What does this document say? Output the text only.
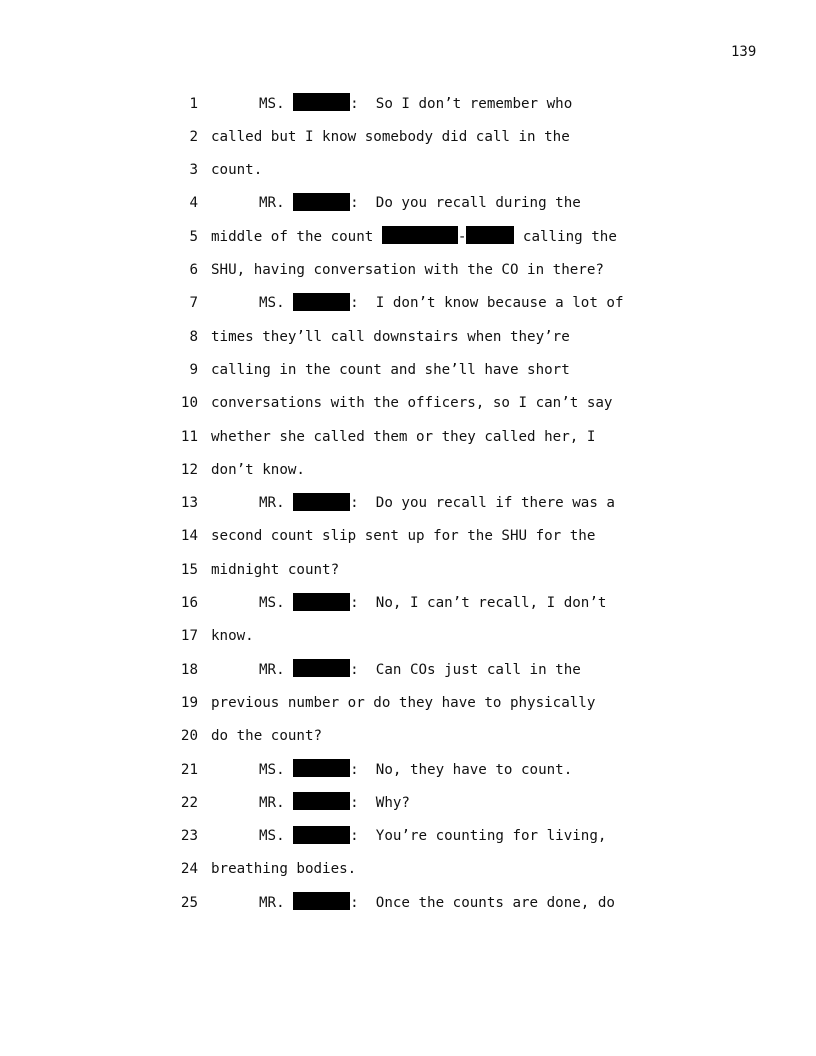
139
1	MS.	:  So I don’t remember who
2 called but I know somebody did call in the
3 count.
4	MR.	:  Do you recall during the
5 middle of the count	-	calling the
6 SHU, having conversation with the CO in there?
7	MS.	:  I don’t know because a lot of
8 times they’ll call downstairs when they’re
9 calling in the count and she’ll have short
10 conversations with the officers, so I can’t say
11 whether she called them or they called her, I
12 don’t know.
13	MR.	:  Do you recall if there was a
14 second count slip sent up for the SHU for the
15 midnight count?
16	MS.	:  No, I can’t recall, I don’t
17 know.
18	MR.	:  Can COs just call in the
19 previous number or do they have to physically
20 do the count?
21	MS.	:  No, they have to count.
22	MR.	:  Why?
23	MS.	:  You’re counting for living,
24 breathing bodies.
25	MR.	:  Once the counts are done, do
